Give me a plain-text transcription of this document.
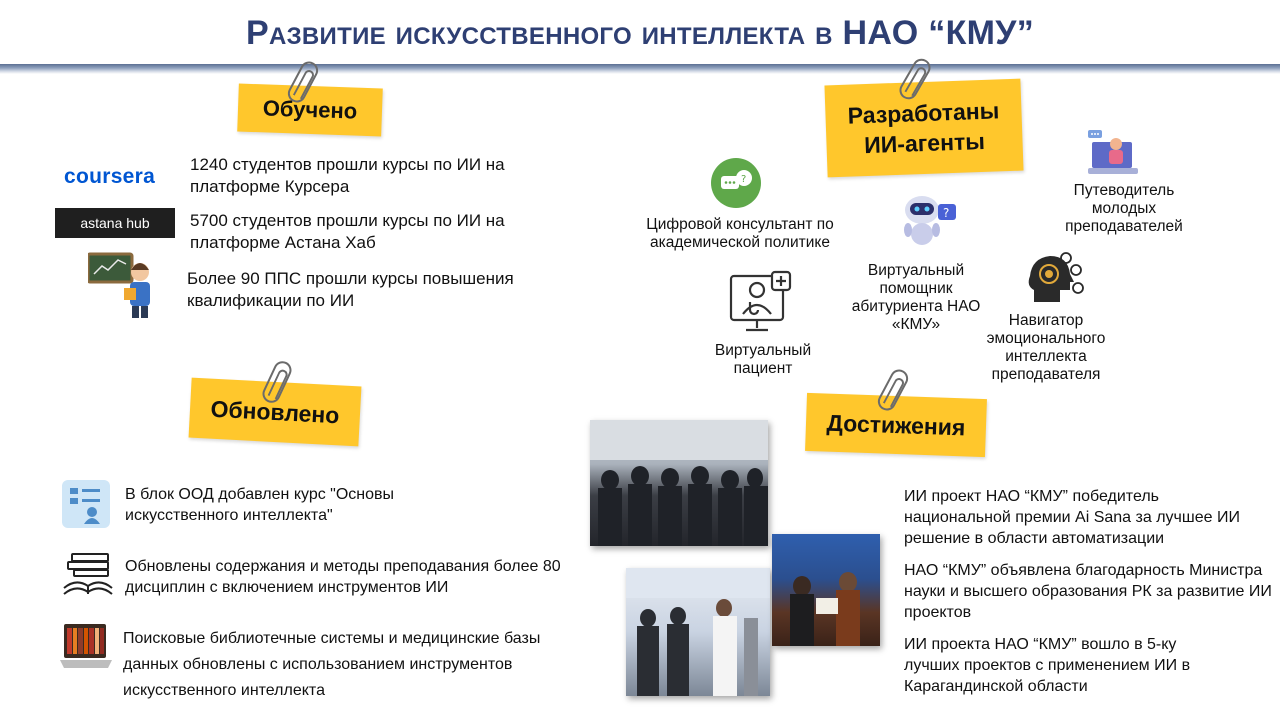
Развитие искусственного интеллекта в НАО “КМУ”
Обучено
coursera
1240 студентов прошли курсы по ИИ на платформе Курсера
astana hub 5700 студентов прошли курсы по ИИ на платформе Астана Хаб
Более 90 ППС прошли курсы повышения квалификации по ИИ
Разработаны
ИИ-агенты
?
Цифровой консультант по академической политике
?
Виртуальный помощник абитуриента НАО «КМУ»
Путеводитель молодых преподавателей
Виртуальный пациент
Навигатор эмоционального интеллекта преподавателя
Обновлено
В блок ООД добавлен курс "Основы искусственного интеллекта"
Обновлены содержания и методы преподавания более 80 дисциплин с включением инструментов ИИ
Поисковые библиотечные системы и медицинские базы данных обновлены с использованием инструментов искусственного интеллекта
Достижения
ИИ проект НАО “КМУ” победитель национальной премии Ai Sana за лучшее ИИ решение в области автоматизации
НАО “КМУ” объявлена благодарность Министра науки и высшего образования РК за развитие ИИ проектов
ИИ проекта НАО “КМУ” вошло в 5-ку лучших проектов с применением ИИ в Карагандинской области
